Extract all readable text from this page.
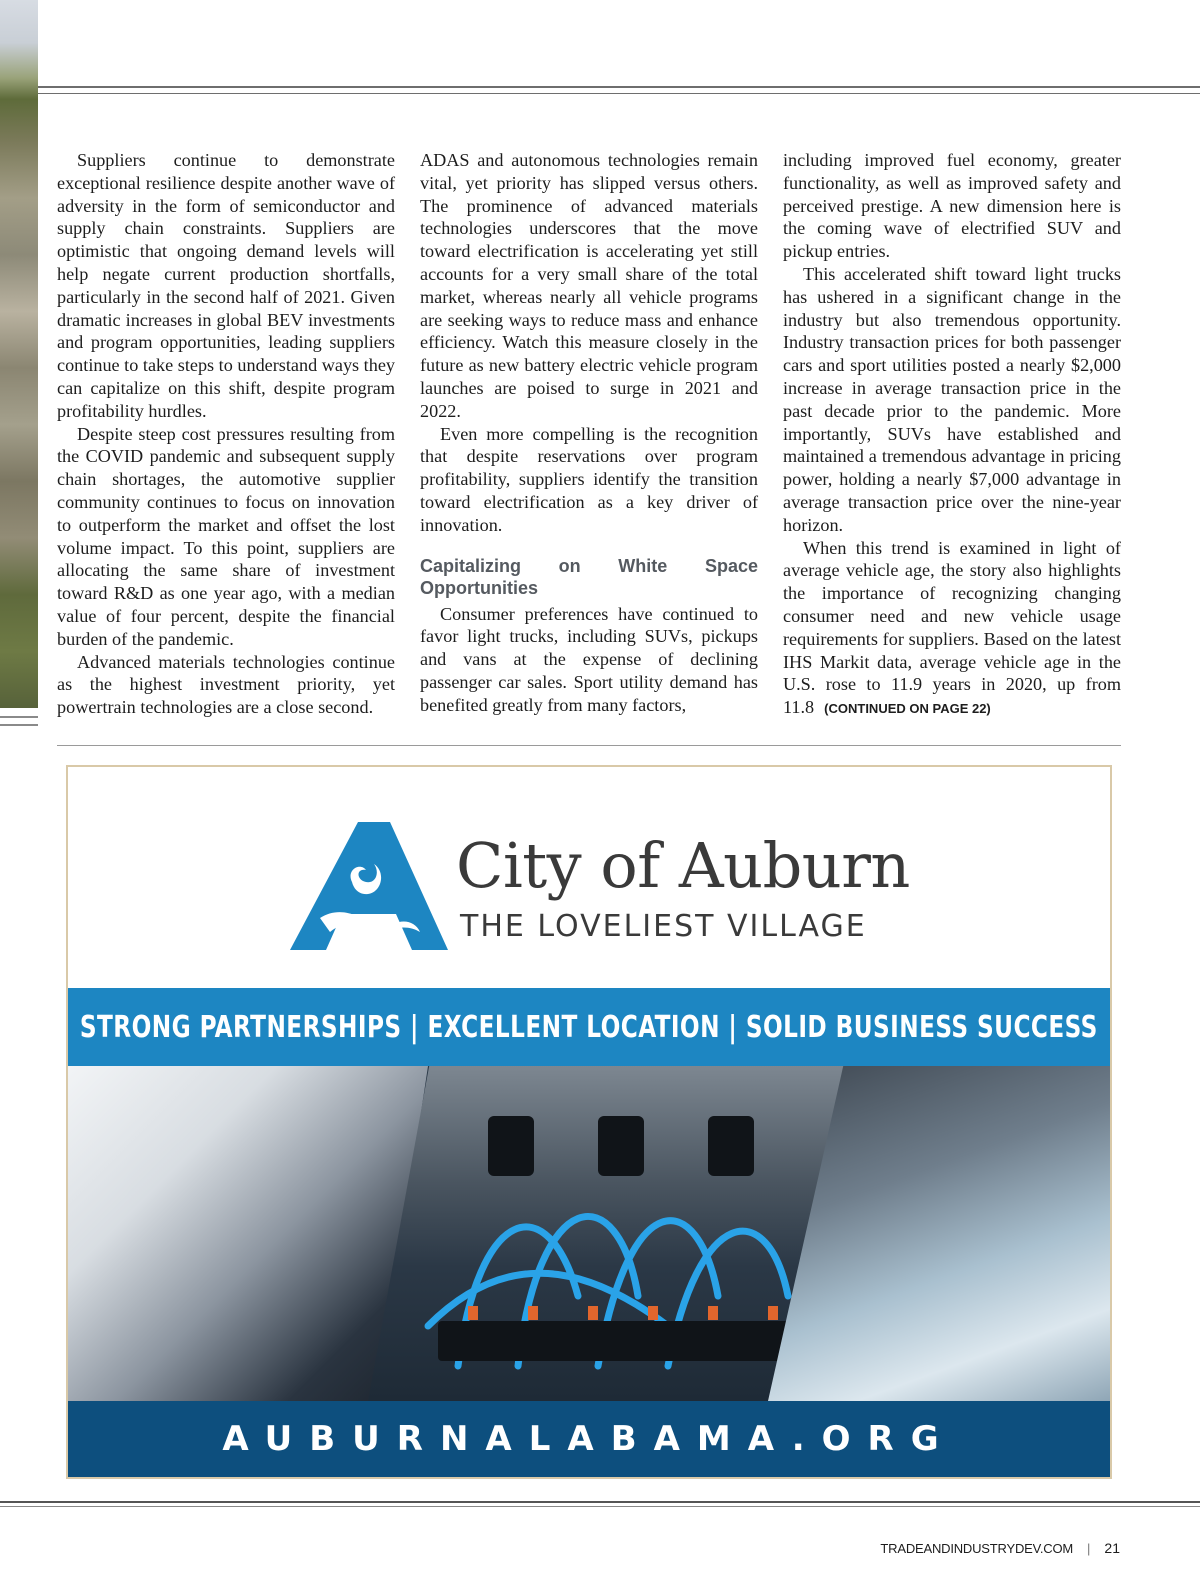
Suppliers continue to demonstrate exceptional resilience despite another wave of adversity in the form of semiconductor and supply chain constraints. Suppliers are optimistic that ongoing demand levels will help negate current production shortfalls, particularly in the second half of 2021. Given dramatic increases in global BEV investments and program opportunities, leading suppliers continue to take steps to understand ways they can capitalize on this shift, despite program profitability hurdles.

Despite steep cost pressures resulting from the COVID pandemic and subsequent supply chain shortages, the automotive supplier community continues to focus on innovation to outperform the market and offset the lost volume impact. To this point, suppliers are allocating the same share of investment toward R&D as one year ago, with a median value of four percent, despite the financial burden of the pandemic.

Advanced materials technologies continue as the highest investment priority, yet powertrain technologies are a close second.

ADAS and autonomous technologies remain vital, yet priority has slipped versus others. The prominence of advanced materials technologies underscores that the move toward electrification is accelerating yet still accounts for a very small share of the total market, whereas nearly all vehicle programs are seeking ways to reduce mass and enhance efficiency. Watch this measure closely in the future as new battery electric vehicle program launches are poised to surge in 2021 and 2022.

Even more compelling is the recognition that despite reservations over program profitability, suppliers identify the transition toward electrification as a key driver of innovation.

Capitalizing on White Space Opportunities

Consumer preferences have continued to favor light trucks, including SUVs, pickups and vans at the expense of declining passenger car sales. Sport utility demand has benefited greatly from many factors,

including improved fuel economy, greater functionality, as well as improved safety and perceived prestige. A new dimension here is the coming wave of electrified SUV and pickup entries.

This accelerated shift toward light trucks has ushered in a significant change in the industry but also tremendous opportunity. Industry transaction prices for both passenger cars and sport utilities posted a nearly $2,000 increase in average transaction price in the past decade prior to the pandemic. More importantly, SUVs have established and maintained a tremendous advantage in pricing power, holding a nearly $7,000 advantage in average transaction price over the nine-year horizon.

When this trend is examined in light of average vehicle age, the story also highlights the importance of recognizing changing consumer need and new vehicle usage requirements for suppliers. Based on the latest IHS Markit data, average vehicle age in the U.S. rose to 11.9 years in 2020, up from 11.8 (CONTINUED ON PAGE 22)

City of Auburn
THE LOVELIEST VILLAGE
STRONG PARTNERSHIPS | EXCELLENT LOCATION | SOLID BUSINESS SUCCESS
AUBURNALABAMA.ORG
TRADEANDINDUSTRYDEV.COM | 21
